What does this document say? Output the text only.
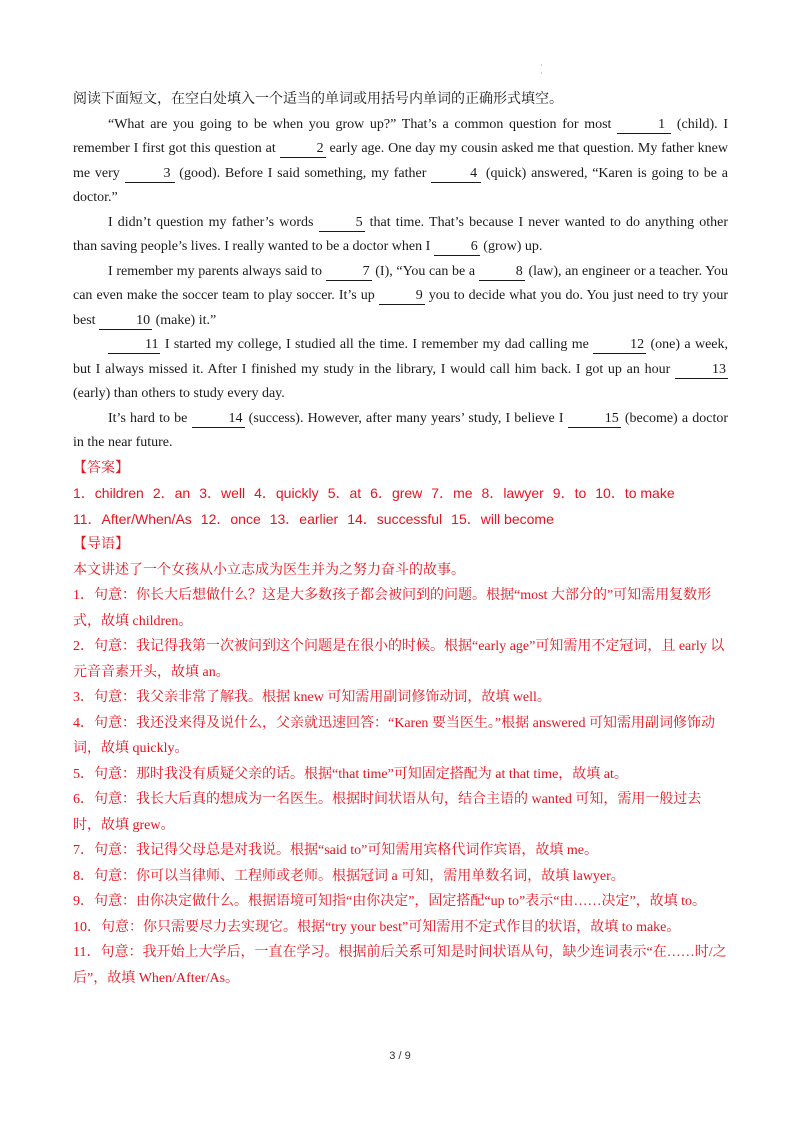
·
·

阅读下面短文，在空白处填入一个适当的单词或用括号内单词的正确形式填空。

“What are you going to be when you grow up?” That’s a common question for most	1 (child). I remember I first got this question at	2 early age. One day my cousin asked me that question. My father knew me very	3 (good). Before I said something, my father	4 (quick) answered, “Karen is going to be a doctor.”

I didn’t question my father’s words	5 that time. That’s because I never wanted to do anything other than saving people’s lives. I really wanted to be a doctor when I	6 (grow) up.

I remember my parents always said to	7 (I), “You can be a	8 (law), an engineer or a teacher. You can even make the soccer team to play soccer. It’s up	9 you to decide what you do. You just need to try your best	10 (make) it.”

11 I started my college, I studied all the time. I remember my dad calling me	12 (one) a week, but I always missed it. After I finished my study in the library, I would call him back. I got up an hour	13 (early) than others to study every day.

It’s hard to be	14 (success). However, after many years’ study, I believe I	15 (become) a doctor in the near future.

【答案】

1．children 2．an 3．well 4．quickly 5．at 6．grew 7．me 8．lawyer 9．to 10．to make

11．After/When/As 12．once 13．earlier 14．successful 15．will become

【导语】

本文讲述了一个女孩从小立志成为医生并为之努力奋斗的故事。

1．句意：你长大后想做什么？这是大多数孩子都会被问到的问题。根据“most 大部分的”可知需用复数形式，故填 children。

2．句意：我记得我第一次被问到这个问题是在很小的时候。根据“early age”可知需用不定冠词，且 early 以元音音素开头，故填 an。

3．句意：我父亲非常了解我。根据 knew 可知需用副词修饰动词，故填 well。

4．句意：我还没来得及说什么，父亲就迅速回答：“Karen 要当医生。”根据 answered 可知需用副词修饰动词，故填 quickly。

5．句意：那时我没有质疑父亲的话。根据“that time”可知固定搭配为 at that time，故填 at。

6．句意：我长大后真的想成为一名医生。根据时间状语从句，结合主语的 wanted 可知，需用一般过去时，故填 grew。

7．句意：我记得父母总是对我说。根据“said to”可知需用宾格代词作宾语，故填 me。

8．句意：你可以当律师、工程师或老师。根据冠词 a 可知，需用单数名词，故填 lawyer。

9．句意：由你决定做什么。根据语境可知指“由你决定”，固定搭配“up to”表示“由……决定”，故填 to。

10．句意：你只需要尽力去实现它。根据“try your best”可知需用不定式作目的状语，故填 to make。

11．句意：我开始上大学后，一直在学习。根据前后关系可知是时间状语从句，缺少连词表示“在……时/之后”，故填 When/After/As。

3 / 9
